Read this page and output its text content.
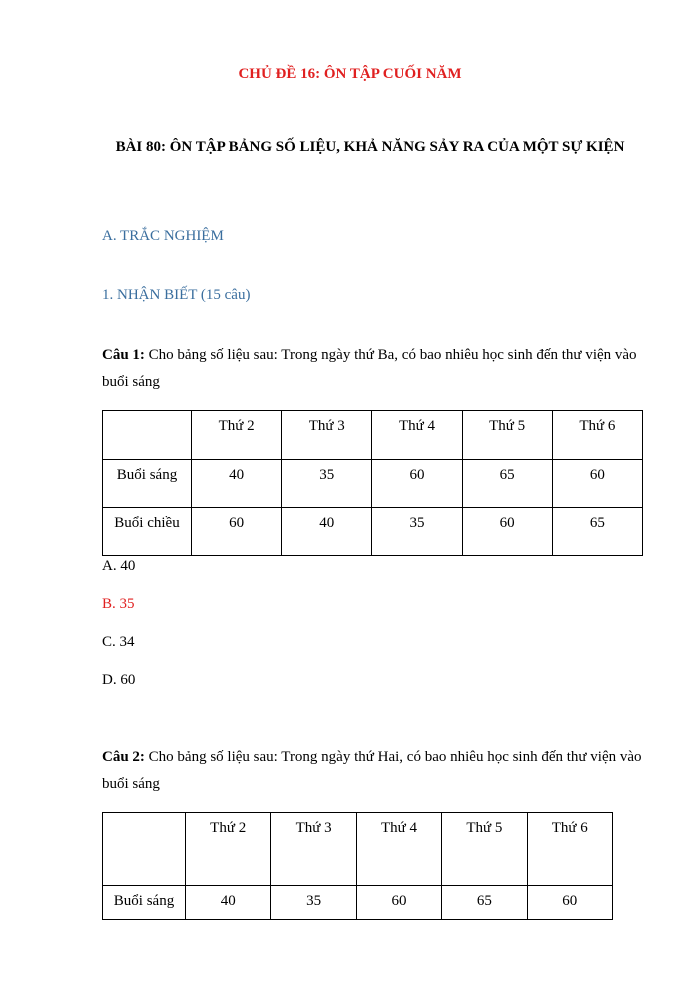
CHỦ ĐỀ 16: ÔN TẬP CUỐI NĂM
BÀI 80: ÔN TẬP BẢNG SỐ LIỆU, KHẢ NĂNG SẢY RA CỦA MỘT SỰ KIỆN
A. TRẮC NGHIỆM
1. NHẬN BIẾT (15 câu)
Câu 1: Cho bảng số liệu sau: Trong ngày thứ Ba, có bao nhiêu học sinh đến thư viện vào buổi sáng
	Thứ 2	Thứ 3	Thứ 4	Thứ 5	Thứ 6
Buổi sáng	40	35	60	65	60
Buổi chiều	60	40	35	60	65
A. 40
B. 35
C. 34
D. 60
Câu 2: Cho bảng số liệu sau: Trong ngày thứ Hai, có bao nhiêu học sinh đến thư viện vào buổi sáng
	Thứ 2	Thứ 3	Thứ 4	Thứ 5	Thứ 6
Buổi sáng	40	35	60	65	60
